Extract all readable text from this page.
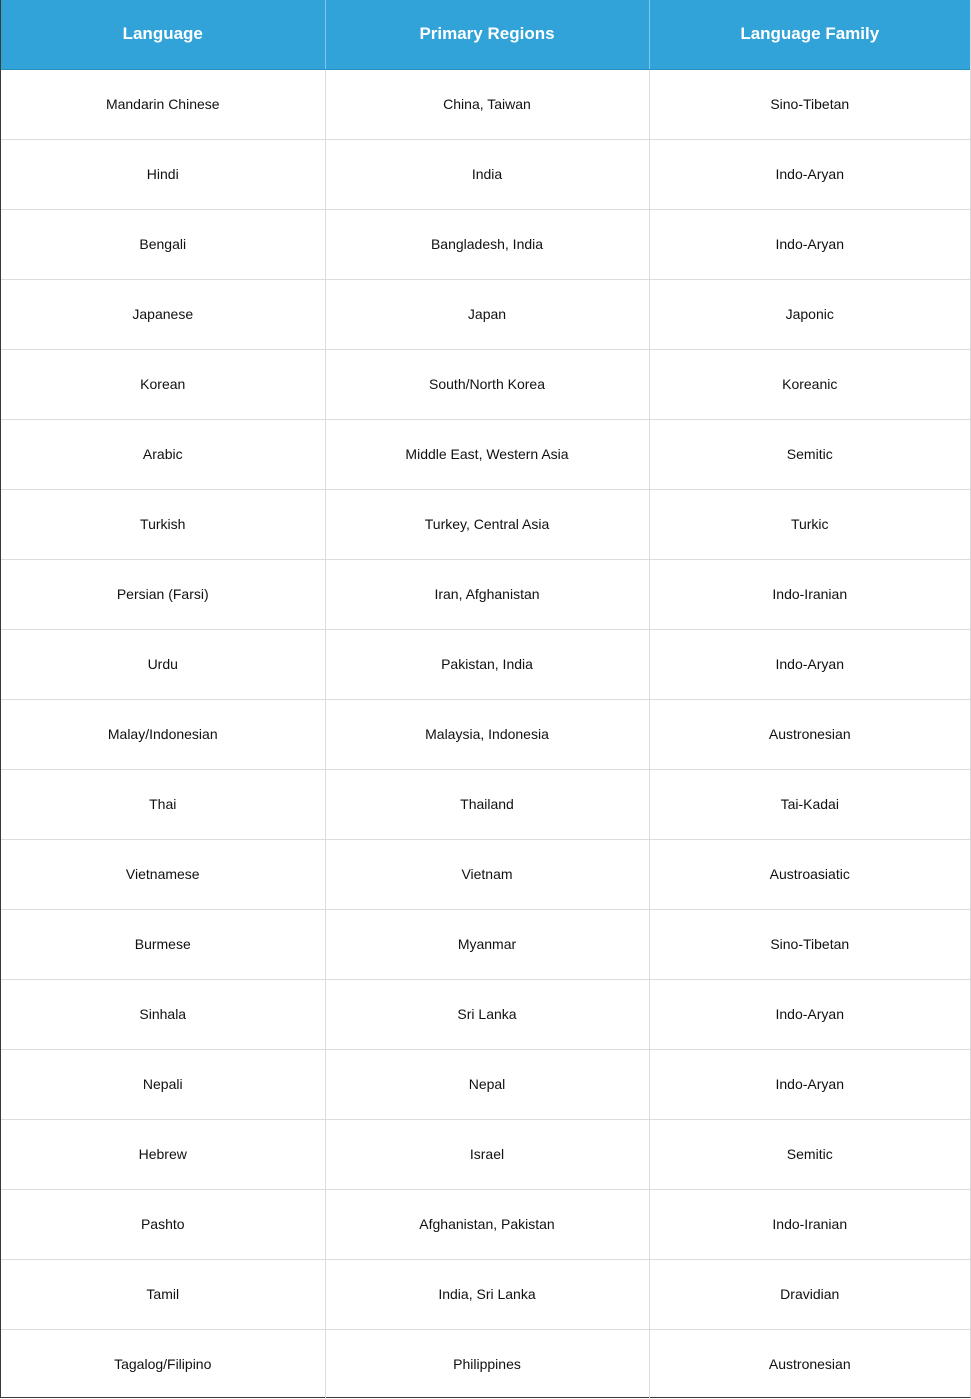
Language	Primary Regions	Language Family
Mandarin Chinese	China, Taiwan	Sino-Tibetan
Hindi	India	Indo-Aryan
Bengali	Bangladesh, India	Indo-Aryan
Japanese	Japan	Japonic
Korean	South/North Korea	Koreanic
Arabic	Middle East, Western Asia	Semitic
Turkish	Turkey, Central Asia	Turkic
Persian (Farsi)	Iran, Afghanistan	Indo-Iranian
Urdu	Pakistan, India	Indo-Aryan
Malay/Indonesian	Malaysia, Indonesia	Austronesian
Thai	Thailand	Tai-Kadai
Vietnamese	Vietnam	Austroasiatic
Burmese	Myanmar	Sino-Tibetan
Sinhala	Sri Lanka	Indo-Aryan
Nepali	Nepal	Indo-Aryan
Hebrew	Israel	Semitic
Pashto	Afghanistan, Pakistan	Indo-Iranian
Tamil	India, Sri Lanka	Dravidian
Tagalog/Filipino	Philippines	Austronesian
